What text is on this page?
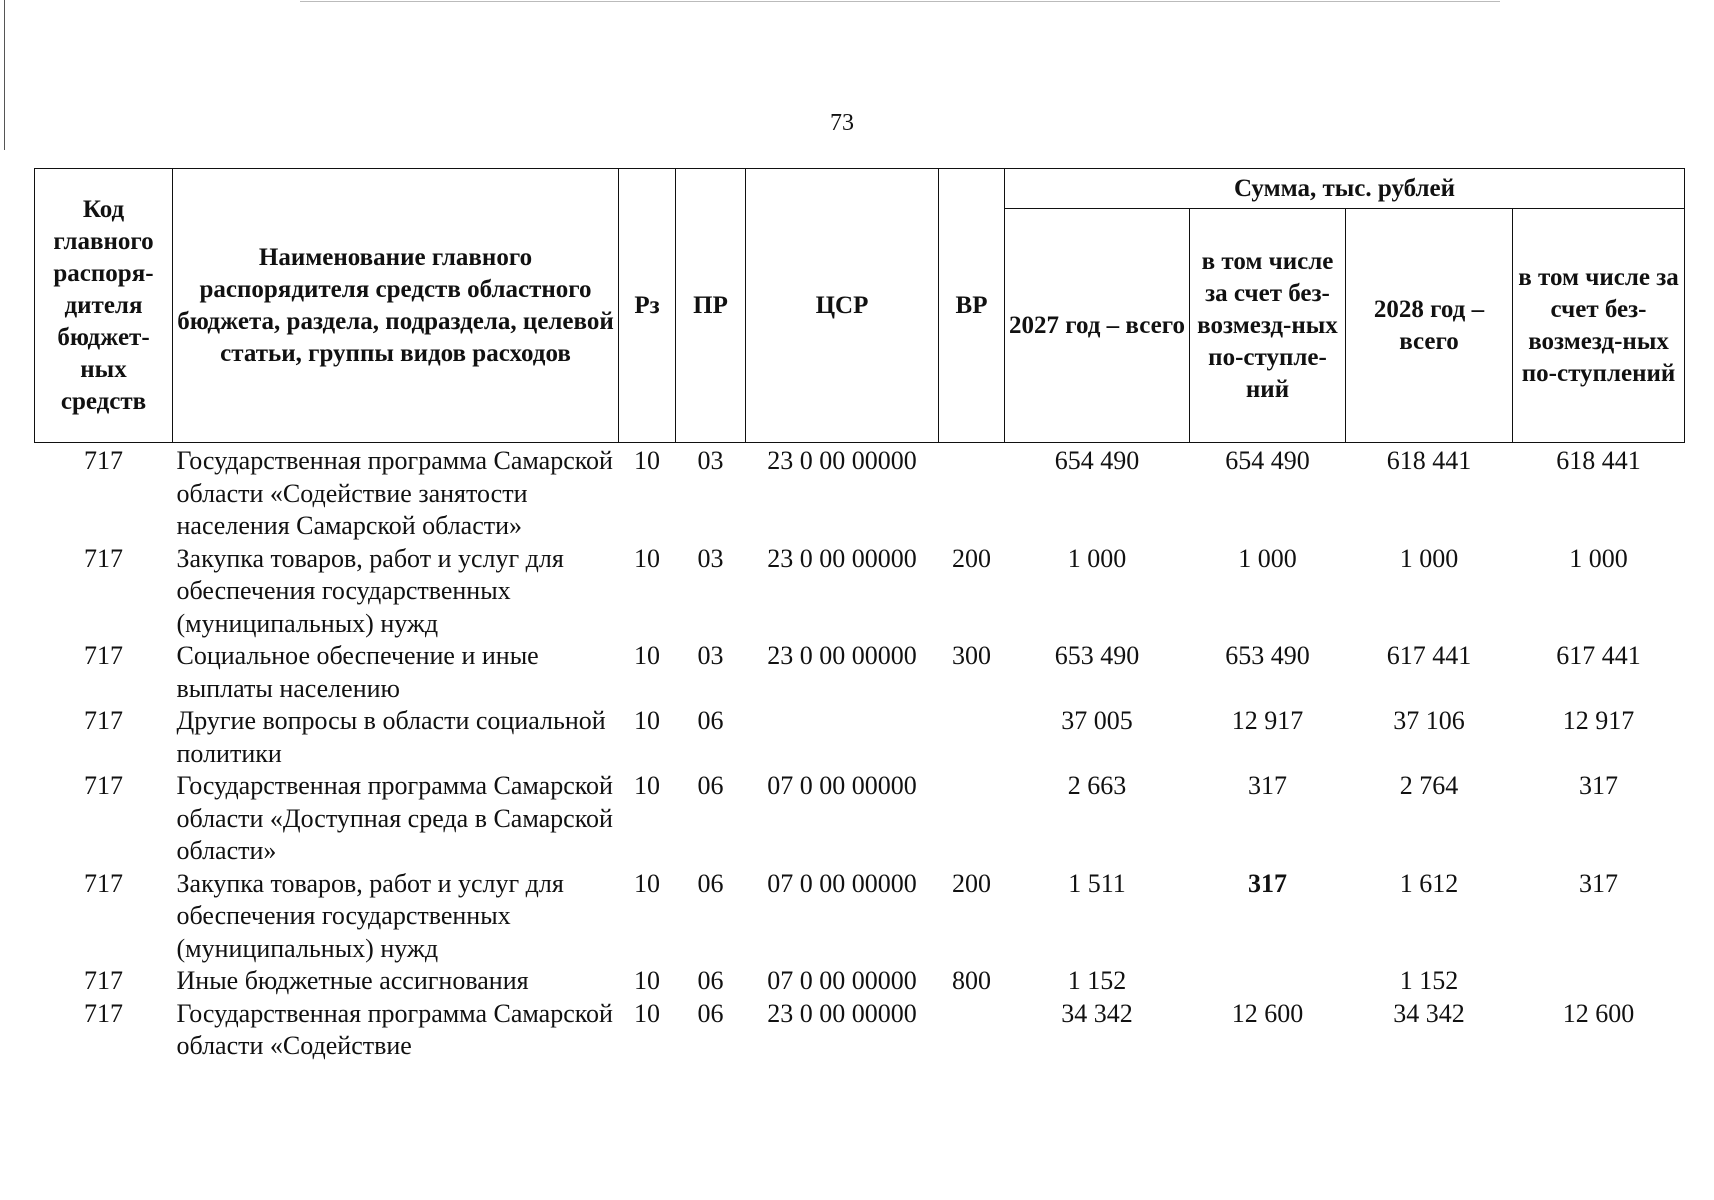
73
Код главного распоря-дителя бюджет-ных средств	Наименование главного распорядителя средств областного бюджета, раздела, подраздела, целевой статьи, группы видов расходов	Рз	ПР	ЦСР	ВР	Сумма, тыс. рублей			
						2027 год – всего	в том числе за счет без-возмезд-ных по-ступле-ний	2028 год – всего	в том числе за счет без-возмезд-ных по-ступлений
717	Государственная программа Самарской области «Содействие занятости населения Самарской области»	10	03	23 0 00 00000		654 490	654 490	618 441	618 441
717	Закупка товаров, работ и услуг для обеспечения государственных (муниципальных) нужд	10	03	23 0 00 00000	200	1 000	1 000	1 000	1 000
717	Социальное обеспечение и иные выплаты населению	10	03	23 0 00 00000	300	653 490	653 490	617 441	617 441
717	Другие вопросы в области социальной политики	10	06			37 005	12 917	37 106	12 917
717	Государственная программа Самарской области «Доступная среда в Самарской области»	10	06	07 0 00 00000		2 663	317	2 764	317
717	Закупка товаров, работ и услуг для обеспечения государственных (муниципальных) нужд	10	06	07 0 00 00000	200	1 511	317	1 612	317
717	Иные бюджетные ассигнования	10	06	07 0 00 00000	800	1 152		1 152	
717	Государственная программа Самарской области «Содействие	10	06	23 0 00 00000		34 342	12 600	34 342	12 600
